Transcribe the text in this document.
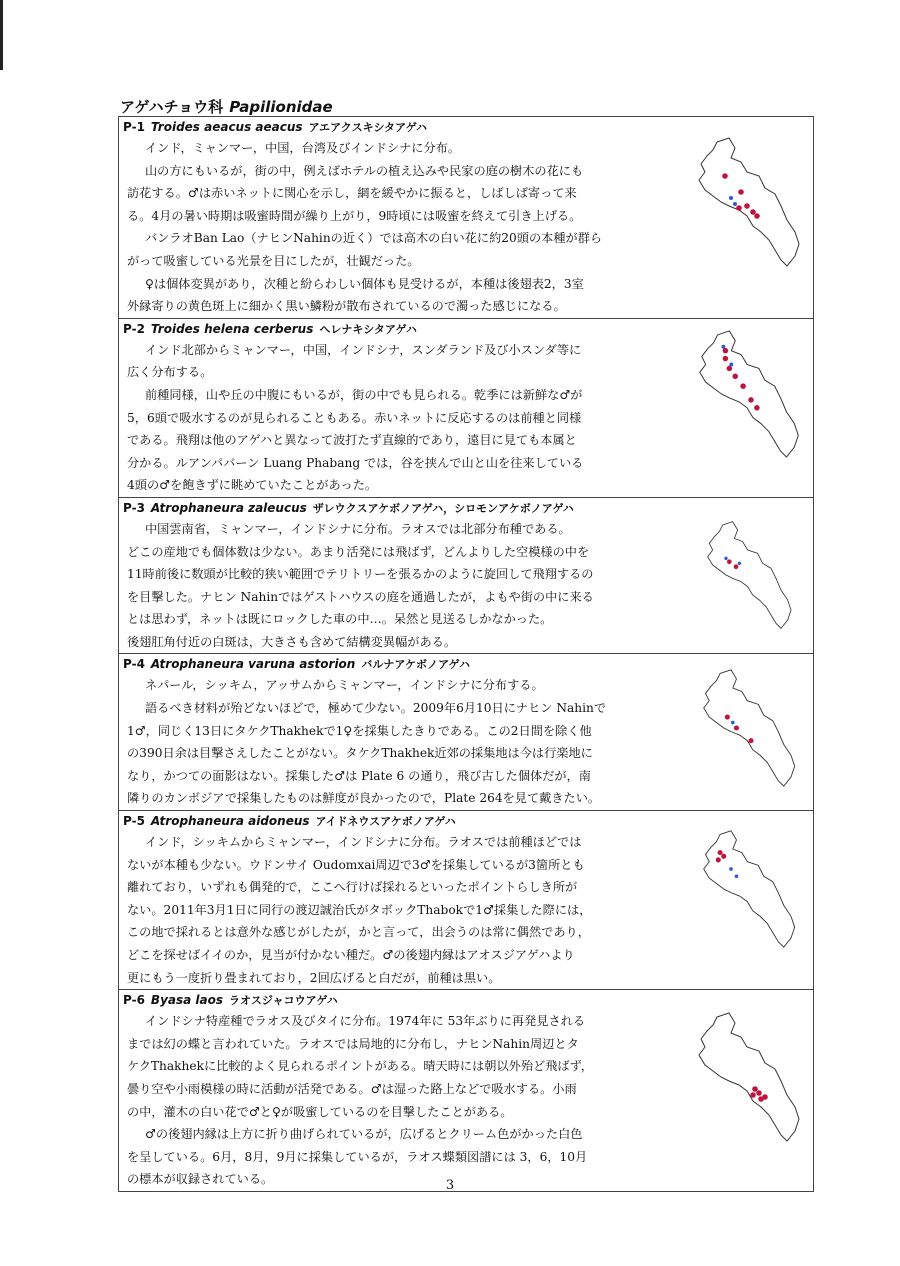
アゲハチョウ科 Papilionidae
P-1 Troides aeacus aeacus アエアクスキシタアゲハ

インド，ミャンマー，中国，台湾及びインドシナに分布。

山の方にもいるが，街の中，例えばホテルの植え込みや民家の庭の樹木の花にも

訪花する。♂は赤いネットに関心を示し，網を緩やかに振ると，しばしば寄って来

る。4月の暑い時期は吸蜜時間が繰り上がり，9時頃には吸蜜を終えて引き上げる。

バンラオBan Lao（ナヒンNahinの近く）では高木の白い花に約20頭の本種が群ら

がって吸蜜している光景を目にしたが，壮観だった。

♀は個体変異があり，次種と紛らわしい個体も見受けるが，本種は後翅表2，3室

外縁寄りの黄色斑上に細かく黒い鱗粉が散布されているので濁った感じになる。

P-2 Troides helena cerberus ヘレナキシタアゲハ

インド北部からミャンマー，中国，インドシナ，スンダランド及び小スンダ等に

広く分布する。

前種同様，山や丘の中腹にもいるが，街の中でも見られる。乾季には新鮮な♂が

5，6頭で吸水するのが見られることもある。赤いネットに反応するのは前種と同様

である。飛翔は他のアゲハと異なって波打たず直線的であり，遠目に見ても本属と

分かる。ルアンパバーン Luang Phabang では，谷を挟んで山と山を往来している

4頭の♂を飽きずに眺めていたことがあった。

P-3 Atrophaneura zaleucus ザレウクスアケボノアゲハ，シロモンアケボノアゲハ

中国雲南省，ミャンマー，インドシナに分布。ラオスでは北部分布種である。

どこの産地でも個体数は少ない。あまり活発には飛ばず，どんよりした空模様の中を

11時前後に数頭が比較的狭い範囲でテリトリーを張るかのように旋回して飛翔するの

を目撃した。ナヒン Nahinではゲストハウスの庭を通過したが，よもや街の中に来る

とは思わず，ネットは既にロックした車の中…。呆然と見送るしかなかった。

後翅肛角付近の白斑は，大きさも含めて結構変異幅がある。

P-4 Atrophaneura varuna astorion バルナアケボノアゲハ

ネパール，シッキム，アッサムからミャンマー，インドシナに分布する。

語るべき材料が殆どないほどで，極めて少ない。2009年6月10日にナヒン Nahinで

1♂，同じく13日にタケクThakhekで1♀を採集したきりである。この2日間を除く他

の390日余は目撃さえしたことがない。タケクThakhek近郊の採集地は今は行楽地に

なり，かつての面影はない。採集した♂は Plate 6 の通り，飛び古した個体だが，南

隣りのカンボジアで採集したものは鮮度が良かったので，Plate 264を見て戴きたい。

P-5 Atrophaneura aidoneus アイドネウスアケボノアゲハ

インド，シッキムからミャンマー，インドシナに分布。ラオスでは前種ほどでは

ないが本種も少ない。ウドンサイ Oudomxai周辺で3♂を採集しているが3箇所とも

離れており，いずれも偶発的で，ここへ行けば採れるといったポイントらしき所が

ない。2011年3月1日に同行の渡辺誠治氏がタボックThabokで1♂採集した際には，

この地で採れるとは意外な感じがしたが，かと言って，出会うのは常に偶然であり，

どこを探せばイイのか，見当が付かない種だ。♂の後翅内縁はアオスジアゲハより

更にもう一度折り畳まれており，2回広げると白だが，前種は黒い。

P-6 Byasa laos ラオスジャコウアゲハ

インドシナ特産種でラオス及びタイに分布。1974年に 53年ぶりに再発見される

までは幻の蝶と言われていた。ラオスでは局地的に分布し，ナヒンNahin周辺とタ

ケクThakhekに比較的よく見られるポイントがある。晴天時には朝以外殆ど飛ばず，

曇り空や小雨模様の時に活動が活発である。♂は湿った路上などで吸水する。小雨

の中，灌木の白い花で♂と♀が吸蜜しているのを目撃したことがある。

♂の後翅内縁は上方に折り曲げられているが，広げるとクリーム色がかった白色

を呈している。6月，8月，9月に採集しているが，ラオス蝶類図譜には 3，6，10月

の標本が収録されている。	3
